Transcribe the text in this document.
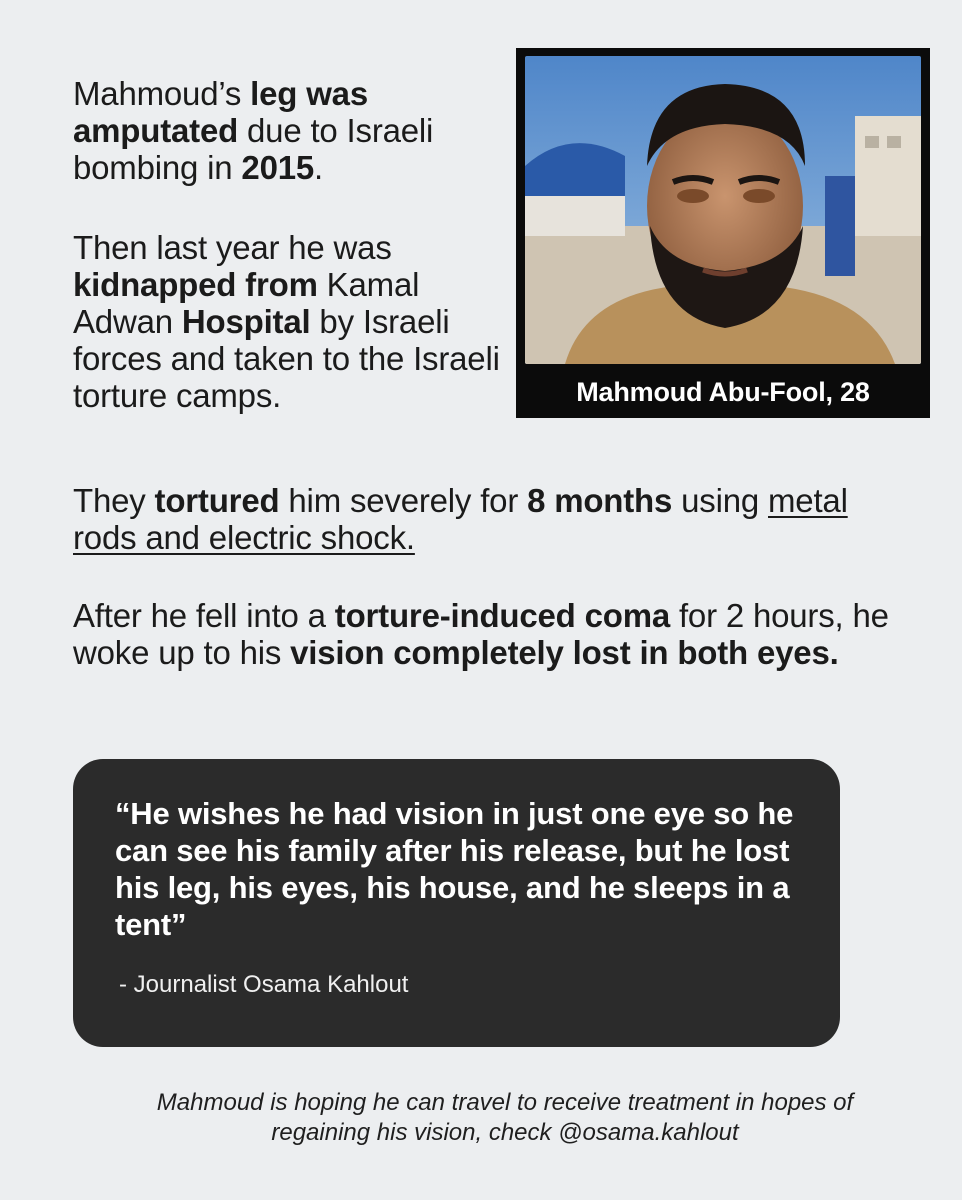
Mahmoud’s leg was amputated due to Israeli bombing in 2015.

Then last year he was kidnapped from Kamal Adwan Hospital by Israeli forces and taken to the Israeli torture camps.	Mahmoud Abu-Fool, 28

They tortured him severely for 8 months using metal rods and electric shock.

After he fell into a torture-induced coma for 2 hours, he woke up to his vision completely lost in both eyes.

“He wishes he had vision in just one eye so he can see his family after his release, but he lost his leg, his eyes, his house, and he sleeps in a tent”

- Journalist Osama Kahlout

Mahmoud is hoping he can travel to receive treatment in hopes of regaining his vision, check @osama.kahlout
